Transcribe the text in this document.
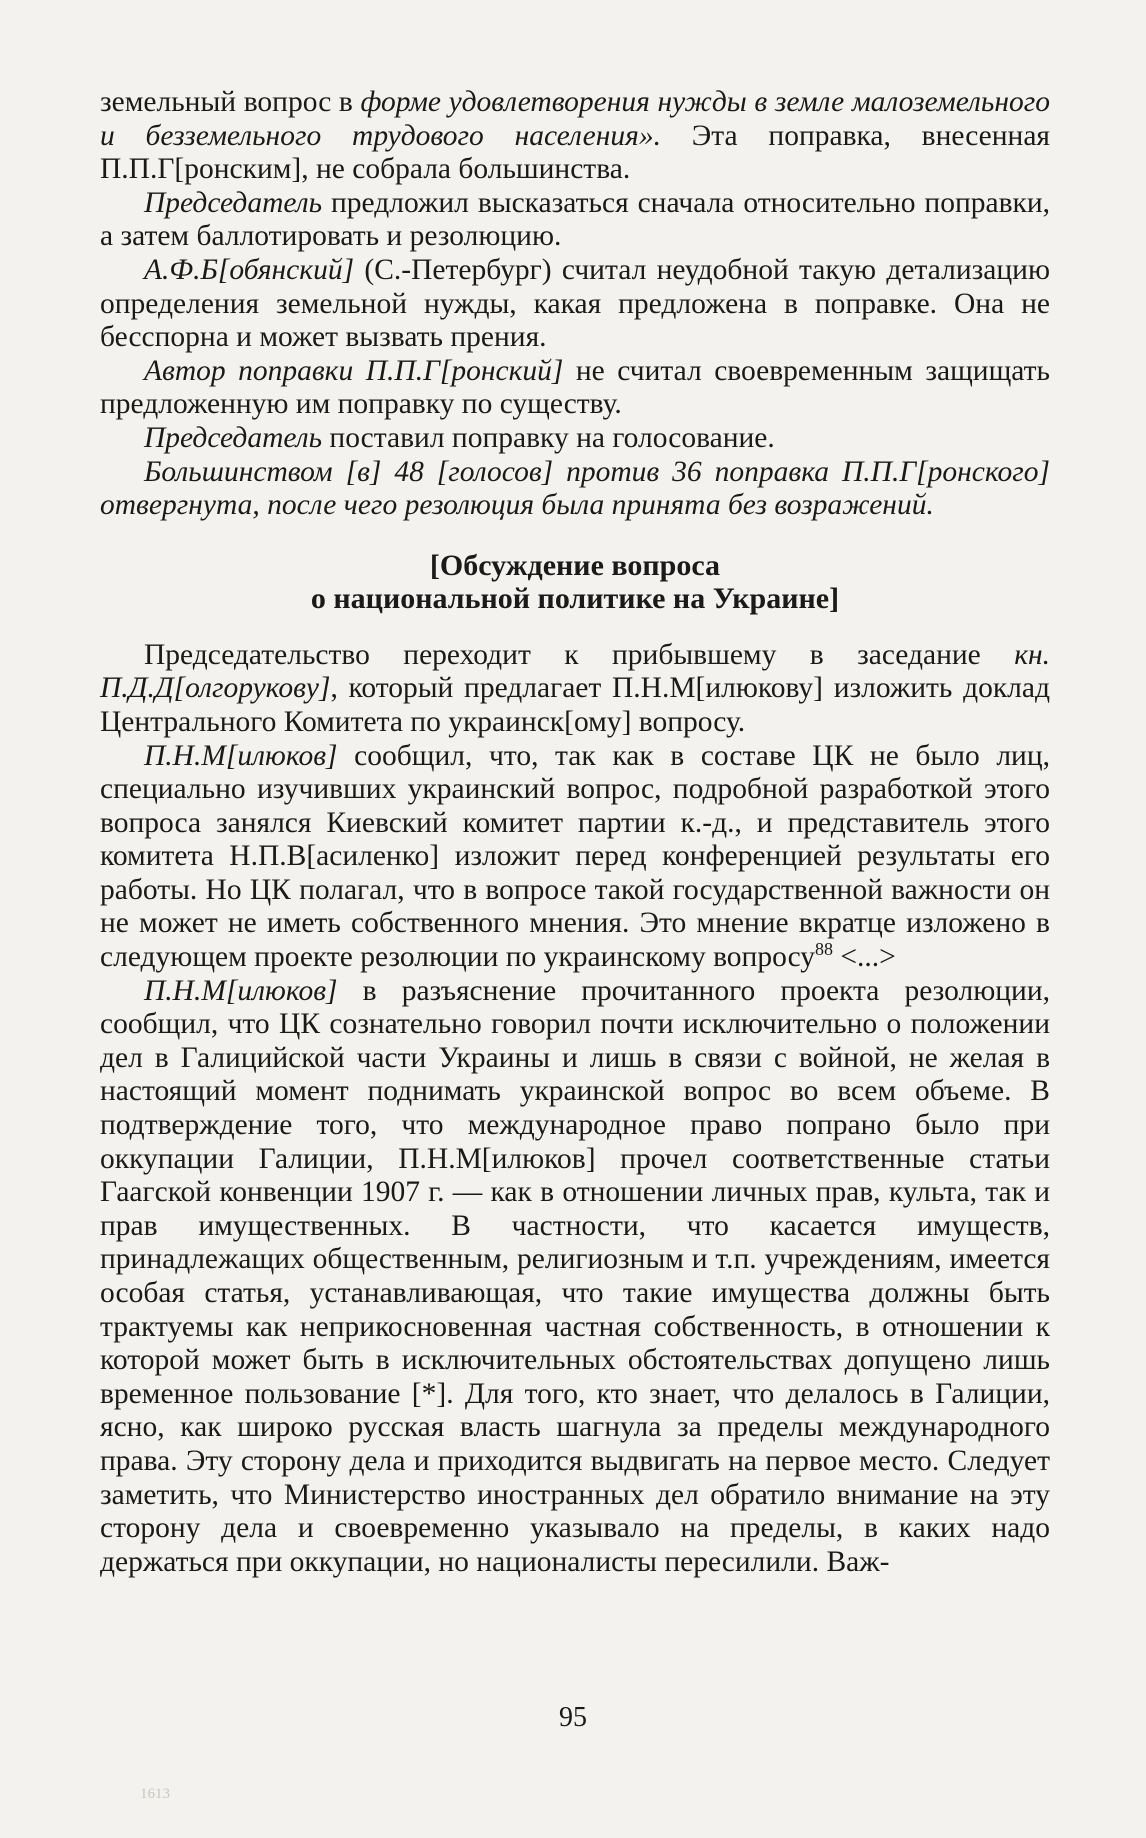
земельный вопрос в форме удовлетворения нужды в земле малоземельного и безземельного трудового населения». Эта поправка, внесенная П.П.Г[ронским], не собрала большинства.

Председатель предложил высказаться сначала относительно поправки, а затем баллотировать и резолюцию.

А.Ф.Б[обянский] (С.-Петербург) считал неудобной такую детализацию определения земельной нужды, какая предложена в поправке. Она не бесспорна и может вызвать прения.

Автор поправки П.П.Г[ронский] не считал своевременным защищать предложенную им поправку по существу.

Председатель поставил поправку на голосование.

Большинством [в] 48 [голосов] против 36 поправка П.П.Г[ронского] отвергнута, после чего резолюция была принята без возражений.

[Обсуждение вопроса
о национальной политике на Украине]

Председательство переходит к прибывшему в заседание кн. П.Д.Д[олгорукову], который предлагает П.Н.М[илюкову] изложить доклад Центрального Комитета по украинск[ому] вопросу.

П.Н.М[илюков] сообщил, что, так как в составе ЦК не было лиц, специально изучивших украинский вопрос, подробной разработкой этого вопроса занялся Киевский комитет партии к.-д., и представитель этого комитета Н.П.В[асиленко] изложит перед конференцией результаты его работы. Но ЦК полагал, что в вопросе такой государственной важности он не может не иметь собственного мнения. Это мнение вкратце изложено в следующем проекте резолюции по украинскому вопросу$^{88}$ <...>

П.Н.М[илюков] в разъяснение прочитанного проекта резолюции, сообщил, что ЦК сознательно говорил почти исключительно о положении дел в Галицийской части Украины и лишь в связи с войной, не желая в настоящий момент поднимать украинской вопрос во всем объеме. В подтверждение того, что международное право попрано было при оккупации Галиции, П.Н.М[илюков] прочел соответственные статьи Гаагской конвенции 1907 г. — как в отношении личных прав, культа, так и прав имущественных. В частности, что касается имуществ, принадлежащих общественным, религиозным и т.п. учреждениям, имеется особая статья, устанавливающая, что такие имущества должны быть трактуемы как неприкосновенная частная собственность, в отношении к которой может быть в исключительных обстоятельствах допущено лишь временное пользование [*]. Для того, кто знает, что делалось в Галиции, ясно, как широко русская власть шагнула за пределы международного права. Эту сторону дела и приходится выдвигать на первое место. Следует заметить, что Министерство иностранных дел обратило внимание на эту сторону дела и своевременно указывало на пределы, в каких надо держаться при оккупации, но националисты пересилили. Важ-

95
1613
